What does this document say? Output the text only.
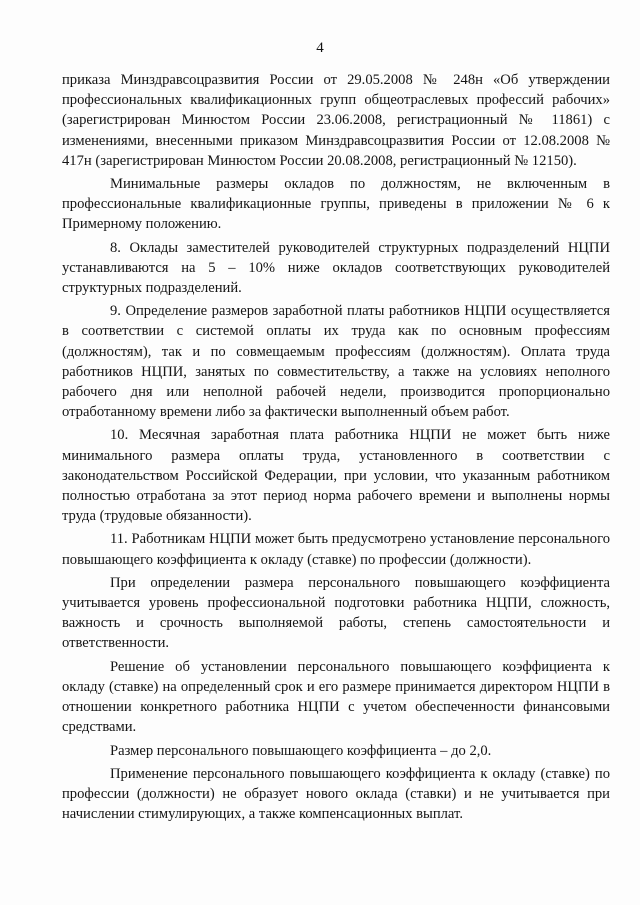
4

приказа Минздравсоцразвития России от 29.05.2008 № 248н «Об утверждении профессиональных квалификационных групп общеотраслевых профессий рабочих» (зарегистрирован Минюстом России 23.06.2008, регистрационный № 11861) с изменениями, внесенными приказом Минздравсоцразвития России от 12.08.2008 № 417н (зарегистрирован Минюстом России 20.08.2008, регистрационный № 12150).

Минимальные размеры окладов по должностям, не включенным в профессиональные квалификационные группы, приведены в приложении № 6 к Примерному положению.

8. Оклады заместителей руководителей структурных подразделений НЦПИ устанавливаются на 5 – 10% ниже окладов соответствующих руководителей структурных подразделений.

9. Определение размеров заработной платы работников НЦПИ осуществляется в соответствии с системой оплаты их труда как по основным профессиям (должностям), так и по совмещаемым профессиям (должностям). Оплата труда работников НЦПИ, занятых по совместительству, а также на условиях неполного рабочего дня или неполной рабочей недели, производится пропорционально отработанному времени либо за фактически выполненный объем работ.

10. Месячная заработная плата работника НЦПИ не может быть ниже минимального размера оплаты труда, установленного в соответствии с законодательством Российской Федерации, при условии, что указанным работником полностью отработана за этот период норма рабочего времени и выполнены нормы труда (трудовые обязанности).

11. Работникам НЦПИ может быть предусмотрено установление персонального повышающего коэффициента к окладу (ставке) по профессии (должности).

При определении размера персонального повышающего коэффициента учитывается уровень профессиональной подготовки работника НЦПИ, сложность, важность и срочность выполняемой работы, степень самостоятельности и ответственности.

Решение об установлении персонального повышающего коэффициента к окладу (ставке) на определенный срок и его размере принимается директором НЦПИ в отношении конкретного работника НЦПИ с учетом обеспеченности финансовыми средствами.

Размер персонального повышающего коэффициента – до 2,0.

Применение персонального повышающего коэффициента к окладу (ставке) по профессии (должности) не образует нового оклада (ставки) и не учитывается при начислении стимулирующих, а также компенсационных выплат.
